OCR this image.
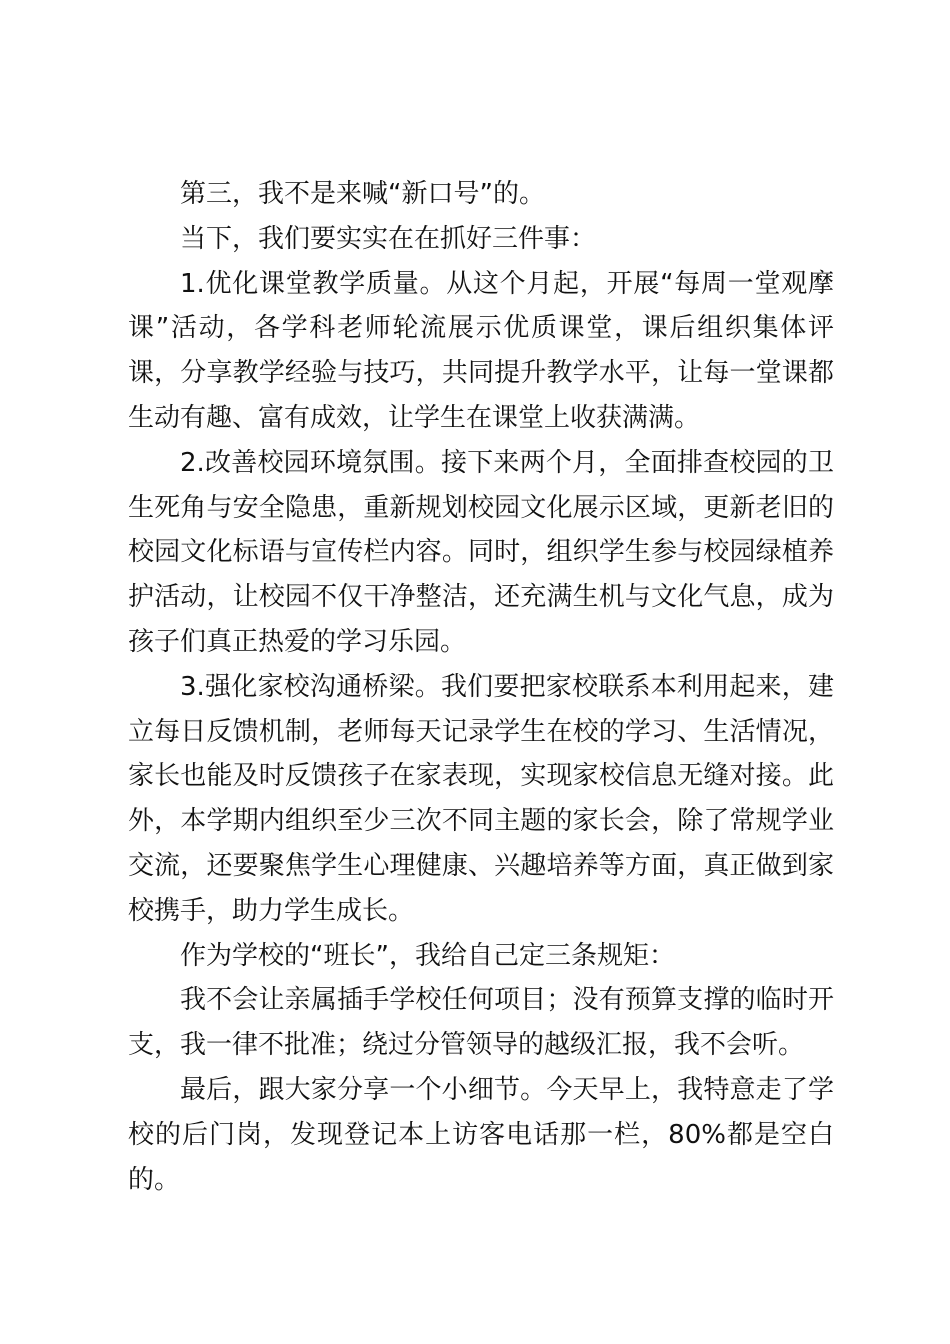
第三，我不是来喊“新口号”的。

当下，我们要实实在在抓好三件事：

1.优化课堂教学质量。从这个月起，开展“每周一堂观摩课”活动，各学科老师轮流展示优质课堂，课后组织集体评课，分享教学经验与技巧，共同提升教学水平，让每一堂课都生动有趣、富有成效，让学生在课堂上收获满满。

2.改善校园环境氛围。接下来两个月，全面排查校园的卫生死角与安全隐患，重新规划校园文化展示区域，更新老旧的校园文化标语与宣传栏内容。同时，组织学生参与校园绿植养护活动，让校园不仅干净整洁，还充满生机与文化气息，成为孩子们真正热爱的学习乐园。

3.强化家校沟通桥梁。我们要把家校联系本利用起来，建立每日反馈机制，老师每天记录学生在校的学习、生活情况，家长也能及时反馈孩子在家表现，实现家校信息无缝对接。此外，本学期内组织至少三次不同主题的家长会，除了常规学业交流，还要聚焦学生心理健康、兴趣培养等方面，真正做到家校携手，助力学生成长。

作为学校的“班长”，我给自己定三条规矩：

我不会让亲属插手学校任何项目；没有预算支撑的临时开支，我一律不批准；绕过分管领导的越级汇报，我不会听。

最后，跟大家分享一个小细节。今天早上，我特意走了学校的后门岗，发现登记本上访客电话那一栏，80%都是空白的。
